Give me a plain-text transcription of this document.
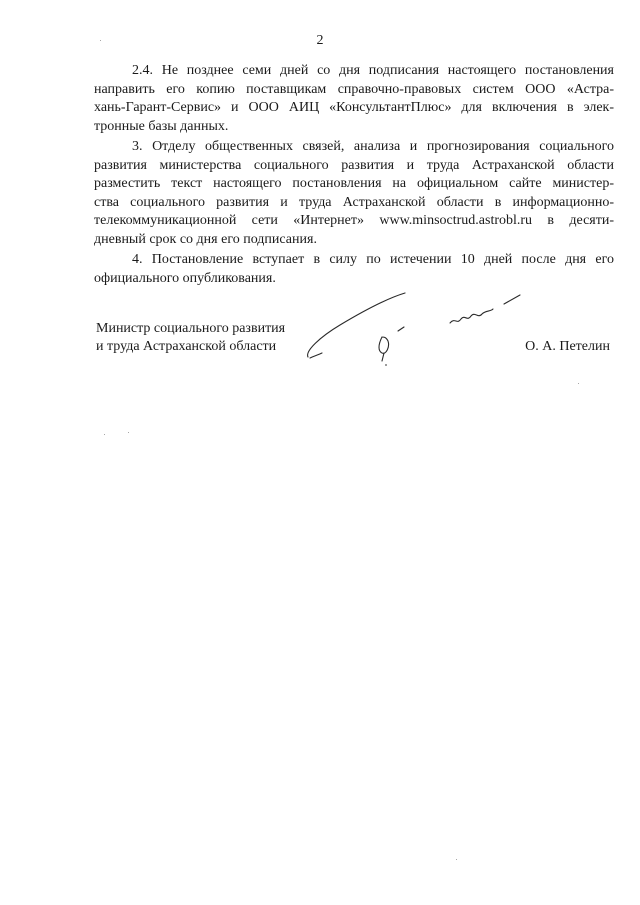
2

2.4. Не позднее семи дней со дня подписания настоящего постановления
направить его копию поставщикам справочно-правовых систем ООО «Астра-
хань-Гарант-Сервис» и ООО АИЦ «КонсультантПлюс» для включения в элек-
тронные базы данных.

3. Отделу общественных связей, анализа и прогнозирования социального
развития министерства социального развития и труда Астраханской области
разместить текст настоящего постановления на официальном сайте министер-
ства социального развития и труда Астраханской области в информационно-
телекоммуникационной сети «Интернет» www.minsoctrud.astrobl.ru в десяти-
дневный срок со дня его подписания.

4. Постановление вступает в силу по истечении 10 дней после дня его
официального опубликования.

Министр социального развития
и труда Астраханской области	О. А. Петелин
